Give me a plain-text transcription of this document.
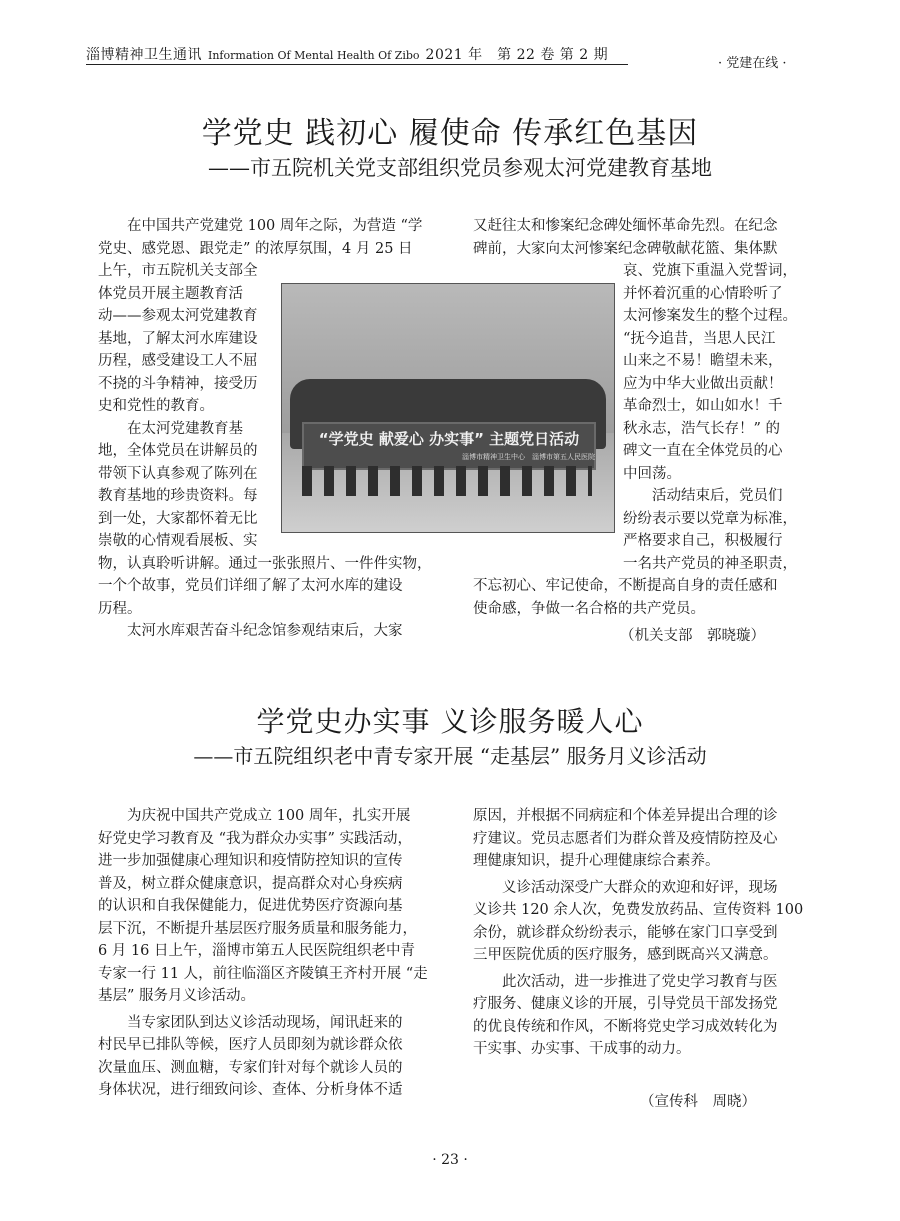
淄博精神卫生通讯 Information Of Mental Health Of Zibo 2021 年　第 22 卷 第 2 期
· 党建在线 ·
学党史 践初心 履使命 传承红色基因
——市五院机关党支部组织党员参观太河党建教育基地

在中国共产党建党 100 周年之际，为营造 “学
党史、感党恩、跟党走” 的浓厚氛围，4 月 25 日

上午，市五院机关支部全
体党员开展主题教育活
动——参观太河党建教育
基地，了解太河水库建设
历程，感受建设工人不屈
不挠的斗争精神，接受历
史和党性的教育。

在太河党建教育基

地，全体党员在讲解员的
带领下认真参观了陈列在
教育基地的珍贵资料。每
到一处，大家都怀着无比
崇敬的心情观看展板、实

物，认真聆听讲解。通过一张张照片、一件件实物，
一个个故事，党员们详细了解了太河水库的建设
历程。

太河水库艰苦奋斗纪念馆参观结束后，大家

“学党史 献爱心 办实事” 主题党日活动
淄博市精神卫生中心　淄博市第五人民医院

又赶往太和惨案纪念碑处缅怀革命先烈。在纪念
碑前，大家向太河惨案纪念碑敬献花篮、集体默

哀、党旗下重温入党誓词，
并怀着沉重的心情聆听了
太河惨案发生的整个过程。
“抚今追昔，当思人民江
山来之不易！瞻望未来，
应为中华大业做出贡献！
革命烈士，如山如水！千
秋永志，浩气长存！” 的
碑文一直在全体党员的心
中回荡。

活动结束后，党员们

纷纷表示要以党章为标准，
严格要求自己，积极履行
一名共产党员的神圣职责，

不忘初心、牢记使命，不断提高自身的责任感和
使命感，争做一名合格的共产党员。

（机关支部　郭晓璇）
学党史办实事 义诊服务暖人心
——市五院组织老中青专家开展 “走基层” 服务月义诊活动

为庆祝中国共产党成立 100 周年，扎实开展
好党史学习教育及 “我为群众办实事” 实践活动，
进一步加强健康心理知识和疫情防控知识的宣传
普及，树立群众健康意识，提高群众对心身疾病
的认识和自我保健能力，促进优势医疗资源向基
层下沉，不断提升基层医疗服务质量和服务能力，
6 月 16 日上午，淄博市第五人民医院组织老中青
专家一行 11 人，前往临淄区齐陵镇王齐村开展 “走
基层” 服务月义诊活动。

当专家团队到达义诊活动现场，闻讯赶来的
村民早已排队等候，医疗人员即刻为就诊群众依
次量血压、测血糖，专家们针对每个就诊人员的
身体状况，进行细致问诊、查体、分析身体不适

原因，并根据不同病症和个体差异提出合理的诊
疗建议。党员志愿者们为群众普及疫情防控及心
理健康知识，提升心理健康综合素养。

义诊活动深受广大群众的欢迎和好评，现场
义诊共 120 余人次，免费发放药品、宣传资料 100
余份，就诊群众纷纷表示，能够在家门口享受到
三甲医院优质的医疗服务，感到既高兴又满意。

此次活动，进一步推进了党史学习教育与医
疗服务、健康义诊的开展，引导党员干部发扬党
的优良传统和作风，不断将党史学习成效转化为
干实事、办实事、干成事的动力。

（宣传科　周晓）
· 23 ·
